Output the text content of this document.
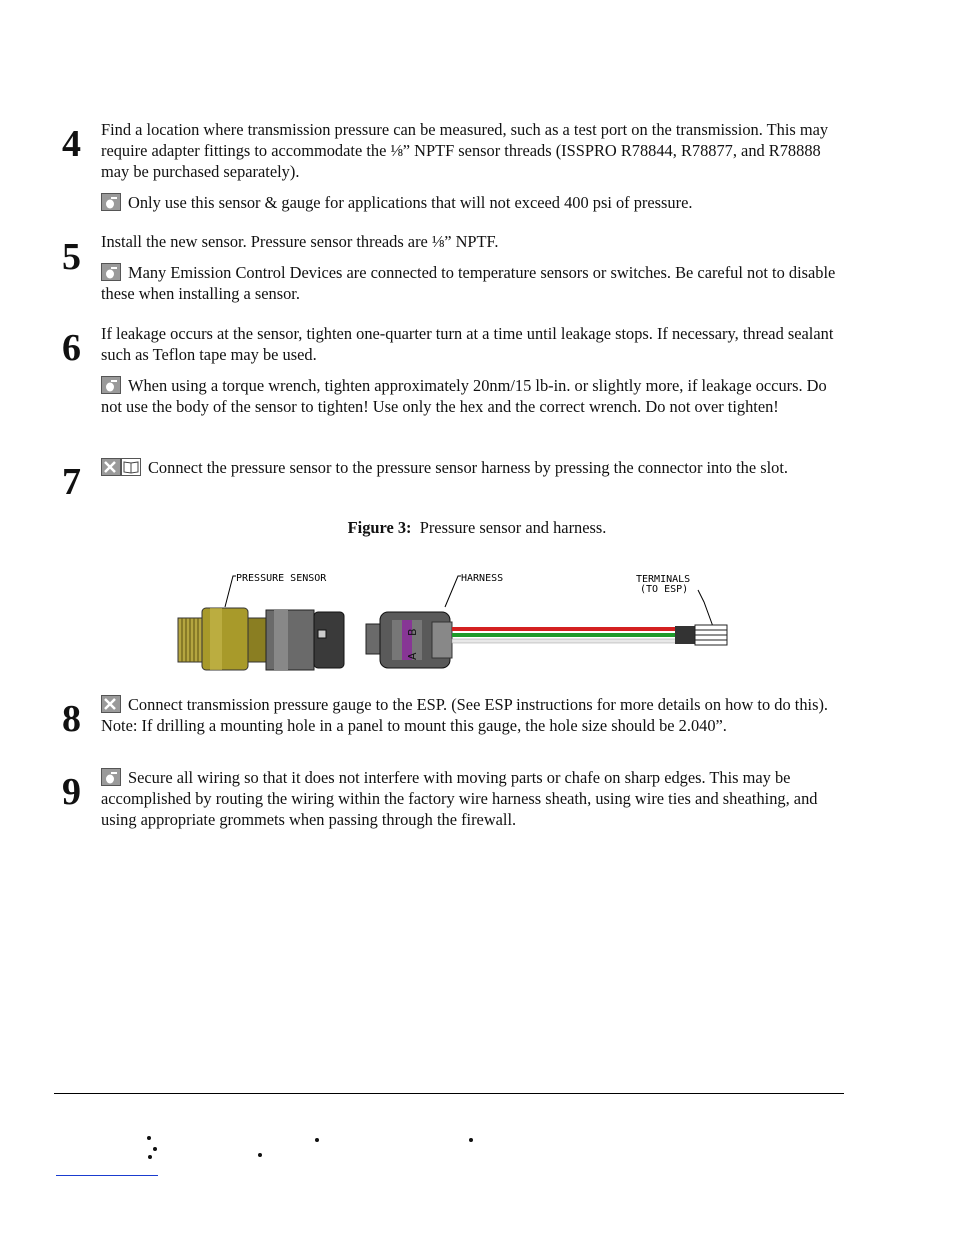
4 Find a location where transmission pressure can be measured, such as a test port on the transmission. This may require adapter fittings to accommodate the ⅛” NPTF sensor threads (ISSPRO R78844, R78877, and R78888 may be purchased separately).

Only use this sensor & gauge for applications that will not exceed 400 psi of pressure.

5 Install the new sensor. Pressure sensor threads are ⅛” NPTF.

Many Emission Control Devices are connected to temperature sensors or switches. Be careful not to disable these when installing a sensor.

6 If leakage occurs at the sensor, tighten one-quarter turn at a time until leakage stops. If necessary, thread sealant such as Teflon tape may be used.

When using a torque wrench, tighten approximately 20nm/15 lb-in. or slightly more, if leakage occurs. Do not use the body of the sensor to tighten! Use only the hex and the correct wrench. Do not over tighten!

7	Connect the pressure sensor to the pressure sensor harness by pressing the connector into the slot.

Figure 3: Pressure sensor and harness.
PRESSURE SENSOR	HARNESS	TERMINALS
(TO ESP)
A
B
8	Connect transmission pressure gauge to the ESP. (See ESP instructions for more details on how to do this). Note: If drilling a mounting hole in a panel to mount this gauge, the hole size should be 2.040”.

9	Secure all wiring so that it does not interfere with moving parts or chafe on sharp edges. This may be accomplished by routing the wiring within the factory wire harness sheath, using wire ties and sheathing, and using appropriate grommets when passing through the firewall.
